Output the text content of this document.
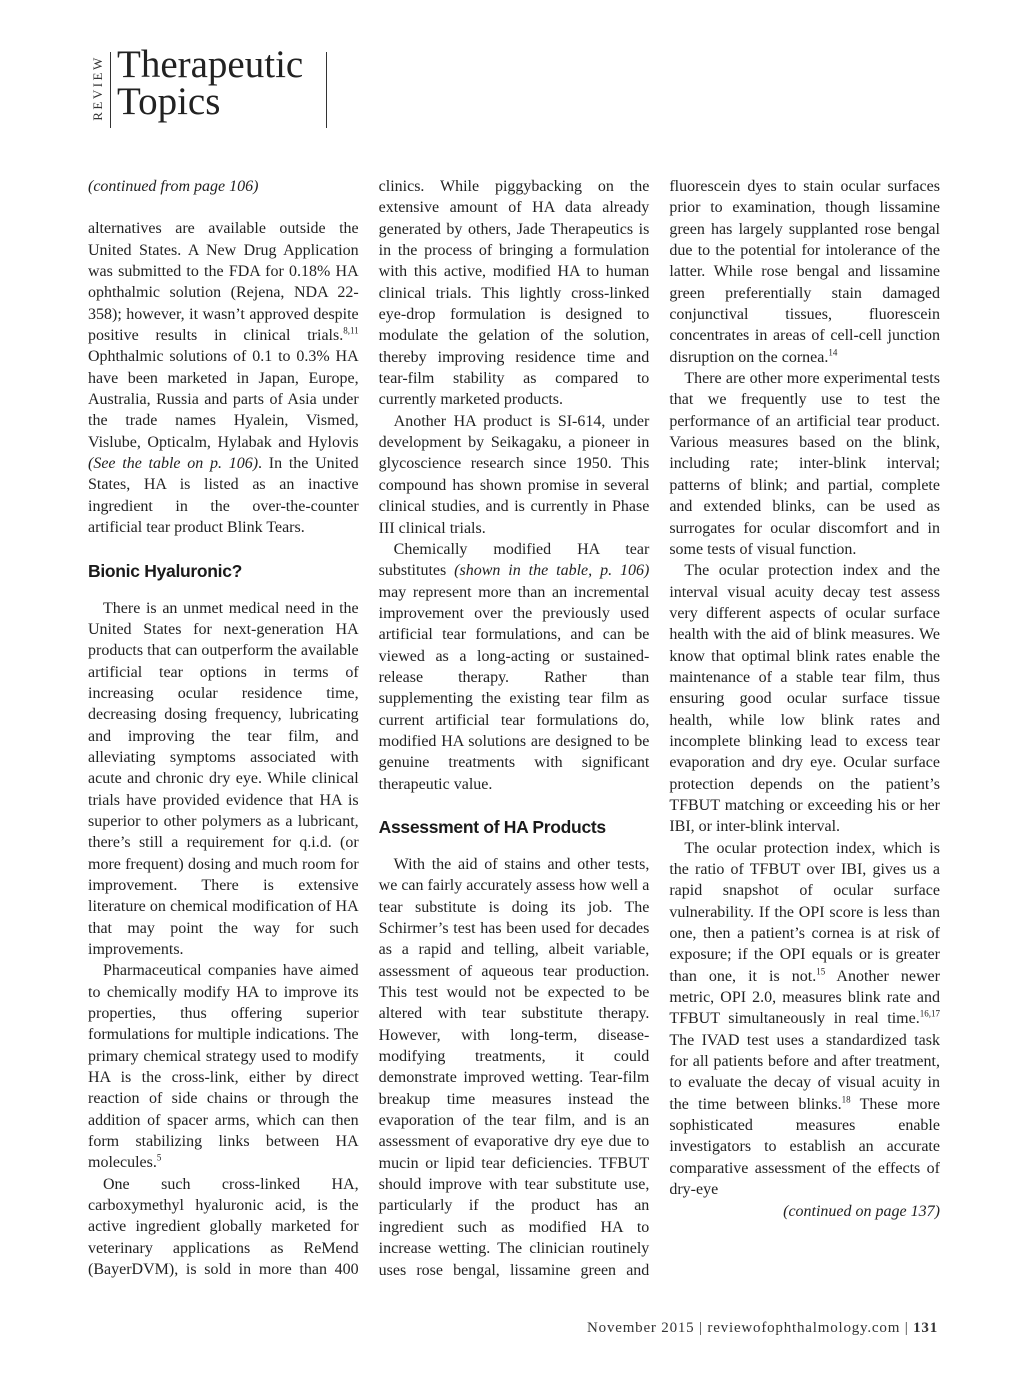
REVIEW Therapeutic
Topics

(continued from page 106)

alternatives are available outside the United States. A New Drug Application was submitted to the FDA for 0.18% HA ophthalmic solution (Rejena, NDA 22-358); however, it wasn’t approved despite positive results in clinical trials.$^{8,11}$ Ophthalmic solutions of 0.1 to 0.3% HA have been marketed in Japan, Europe, Australia, Russia and parts of Asia under the trade names Hyalein, Vismed, Vislube, Opticalm, Hylabak and Hylovis (See the table on p. 106). In the United States, HA is listed as an inactive ingredient in the over-the-counter artificial tear product Blink Tears.

Bionic Hyaluronic?

There is an unmet medical need in the United States for next-generation HA products that can outperform the available artificial tear options in terms of increasing ocular residence time, decreasing dosing frequency, lubricating and improving the tear film, and alleviating symptoms associated with acute and chronic dry eye. While clinical trials have provided evidence that HA is superior to other polymers as a lubricant, there’s still a requirement for q.i.d. (or more frequent) dosing and much room for improvement. There is extensive literature on chemical modification of HA that may point the way for such improvements.

Pharmaceutical companies have aimed to chemically modify HA to improve its properties, thus offering superior formulations for multiple indications. The primary chemical strategy used to modify HA is the cross-link, either by direct reaction of side chains or through the addition of spacer arms, which can then form stabilizing links between HA molecules.$^5$

One such cross-linked HA, carboxymethyl hyaluronic acid, is the active ingredient globally marketed for veterinary applications as ReMend (BayerDVM), is sold in more than 400 clinics. While piggybacking on the extensive amount of HA data already generated by others, Jade Therapeutics is in the process of bringing a formulation with this active, modified HA to human clinical trials. This lightly cross-linked eye-drop formulation is designed to modulate the gelation of the solution, thereby improving residence time and tear-film stability as compared to currently marketed products.

Another HA product is SI-614, under development by Seikagaku, a pioneer in glycoscience research since 1950. This compound has shown promise in several clinical studies, and is currently in Phase III clinical trials.

Chemically modified HA tear substitutes (shown in the table, p. 106) may represent more than an incremental improvement over the previously used artificial tear formulations, and can be viewed as a long-acting or sustained-release therapy. Rather than supplementing the existing tear film as current artificial tear formulations do, modified HA solutions are designed to be genuine treatments with significant therapeutic value.

Assessment of HA Products

With the aid of stains and other tests, we can fairly accurately assess how well a tear substitute is doing its job. The Schirmer’s test has been used for decades as a rapid and telling, albeit variable, assessment of aqueous tear production. This test would not be expected to be altered with tear substitute therapy. However, with long-term, disease-modifying treatments, it could demonstrate improved wetting. Tear-film breakup time measures instead the evaporation of the tear film, and is an assessment of evaporative dry eye due to mucin or lipid tear deficiencies. TFBUT should improve with tear substitute use, particularly if the product has an ingredient such as modified HA to increase wetting. The clinician routinely uses rose bengal, lissamine green and fluorescein dyes to stain ocular surfaces prior to examination, though lissamine green has largely supplanted rose bengal due to the potential for intolerance of the latter. While rose bengal and lissamine green preferentially stain damaged conjunctival tissues, fluorescein concentrates in areas of cell-cell junction disruption on the cornea.$^{14}$

There are other more experimental tests that we frequently use to test the performance of an artificial tear product. Various measures based on the blink, including rate; inter-blink interval; patterns of blink; and partial, complete and extended blinks, can be used as surrogates for ocular discomfort and in some tests of visual function.

The ocular protection index and the interval visual acuity decay test assess very different aspects of ocular surface health with the aid of blink measures. We know that optimal blink rates enable the maintenance of a stable tear film, thus ensuring good ocular surface tissue health, while low blink rates and incomplete blinking lead to excess tear evaporation and dry eye. Ocular surface protection depends on the patient’s TFBUT matching or exceeding his or her IBI, or inter-blink interval.

The ocular protection index, which is the ratio of TFBUT over IBI, gives us a rapid snapshot of ocular surface vulnerability. If the OPI score is less than one, then a patient’s cornea is at risk of exposure; if the OPI equals or is greater than one, it is not.$^{15}$ Another newer metric, OPI 2.0, measures blink rate and TFBUT simultaneously in real time.$^{16,17}$ The IVAD test uses a standardized task for all patients before and after treatment, to evaluate the decay of visual acuity in the time between blinks.$^{18}$ These more sophisticated measures enable investigators to establish an accurate comparative assessment of the effects of dry-eye

(continued on page 137)

November 2015 | reviewofophthalmology.com | 131
